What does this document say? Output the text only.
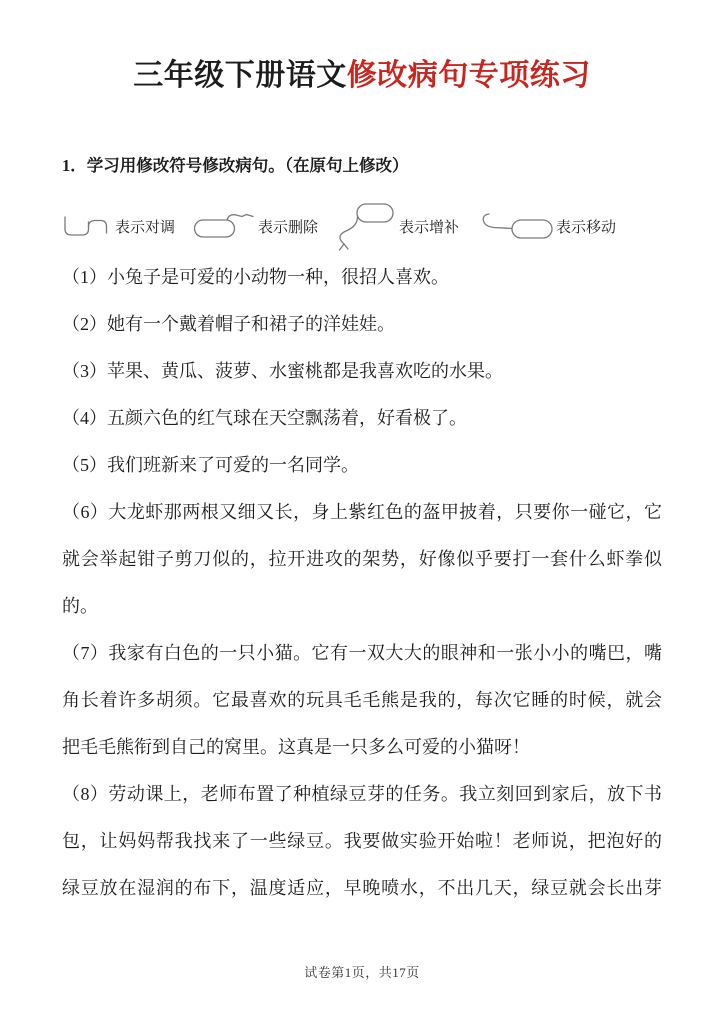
三年级下册语文修改病句专项练习
1．学习用修改符号修改病句。（在原句上修改）
表示对调	表示删除	表示增补	表示移动
（1）小兔子是可爱的小动物一种，很招人喜欢。
（2）她有一个戴着帽子和裙子的洋娃娃。
（3）苹果、黄瓜、菠萝、水蜜桃都是我喜欢吃的水果。
（4）五颜六色的红气球在天空飘荡着，好看极了。
（5）我们班新来了可爱的一名同学。
（6）大龙虾那两根又细又长，身上紫红色的盔甲披着，只要你一碰它，它
就会举起钳子剪刀似的，拉开进攻的架势，好像似乎要打一套什么虾拳似
的。
（7）我家有白色的一只小猫。它有一双大大的眼神和一张小小的嘴巴，嘴
角长着许多胡须。它最喜欢的玩具毛毛熊是我的，每次它睡的时候，就会
把毛毛熊衔到自己的窝里。这真是一只多么可爱的小猫呀！
（8）劳动课上，老师布置了种植绿豆芽的任务。我立刻回到家后，放下书
包，让妈妈帮我找来了一些绿豆。我要做实验开始啦！老师说，把泡好的
绿豆放在湿润的布下，温度适应，早晚喷水，不出几天，绿豆就会长出芽
试卷第1页，共17页
